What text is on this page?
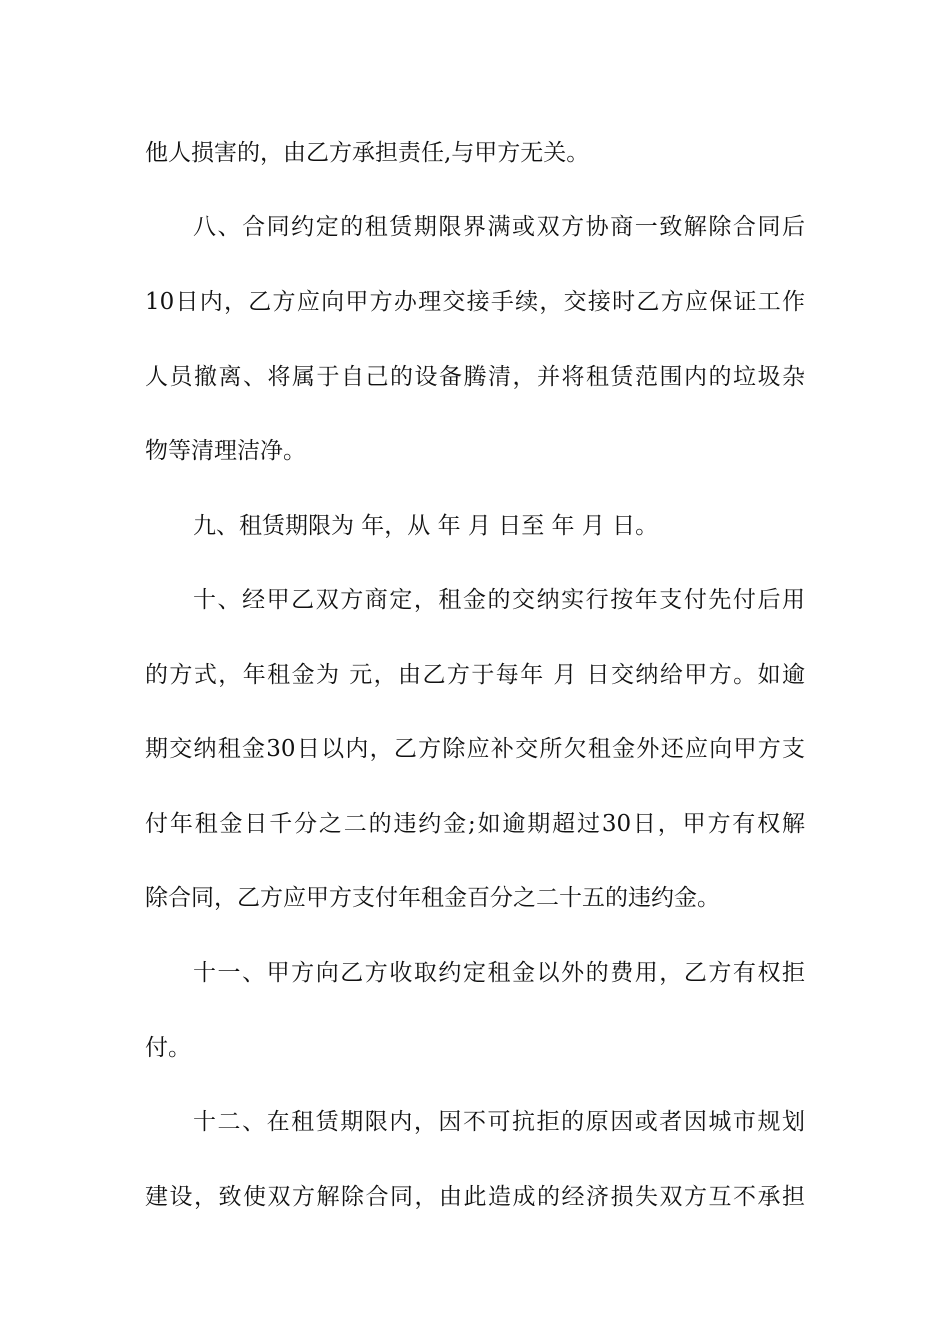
他人损害的，由乙方承担责任,与甲方无关。
八、合同约定的租赁期限界满或双方协商一致解除合同后
10日内，乙方应向甲方办理交接手续，交接时乙方应保证工作
人员撤离、将属于自己的设备腾清，并将租赁范围内的垃圾杂
物等清理洁净。
九、租赁期限为 年，从 年 月 日至 年 月 日。
十、经甲乙双方商定，租金的交纳实行按年支付先付后用
的方式，年租金为 元，由乙方于每年 月 日交纳给甲方。如逾
期交纳租金30日以内，乙方除应补交所欠租金外还应向甲方支
付年租金日千分之二的违约金;如逾期超过30日，甲方有权解
除合同，乙方应甲方支付年租金百分之二十五的违约金。
十一、甲方向乙方收取约定租金以外的费用，乙方有权拒
付。
十二、在租赁期限内，因不可抗拒的原因或者因城市规划
建设，致使双方解除合同，由此造成的经济损失双方互不承担
